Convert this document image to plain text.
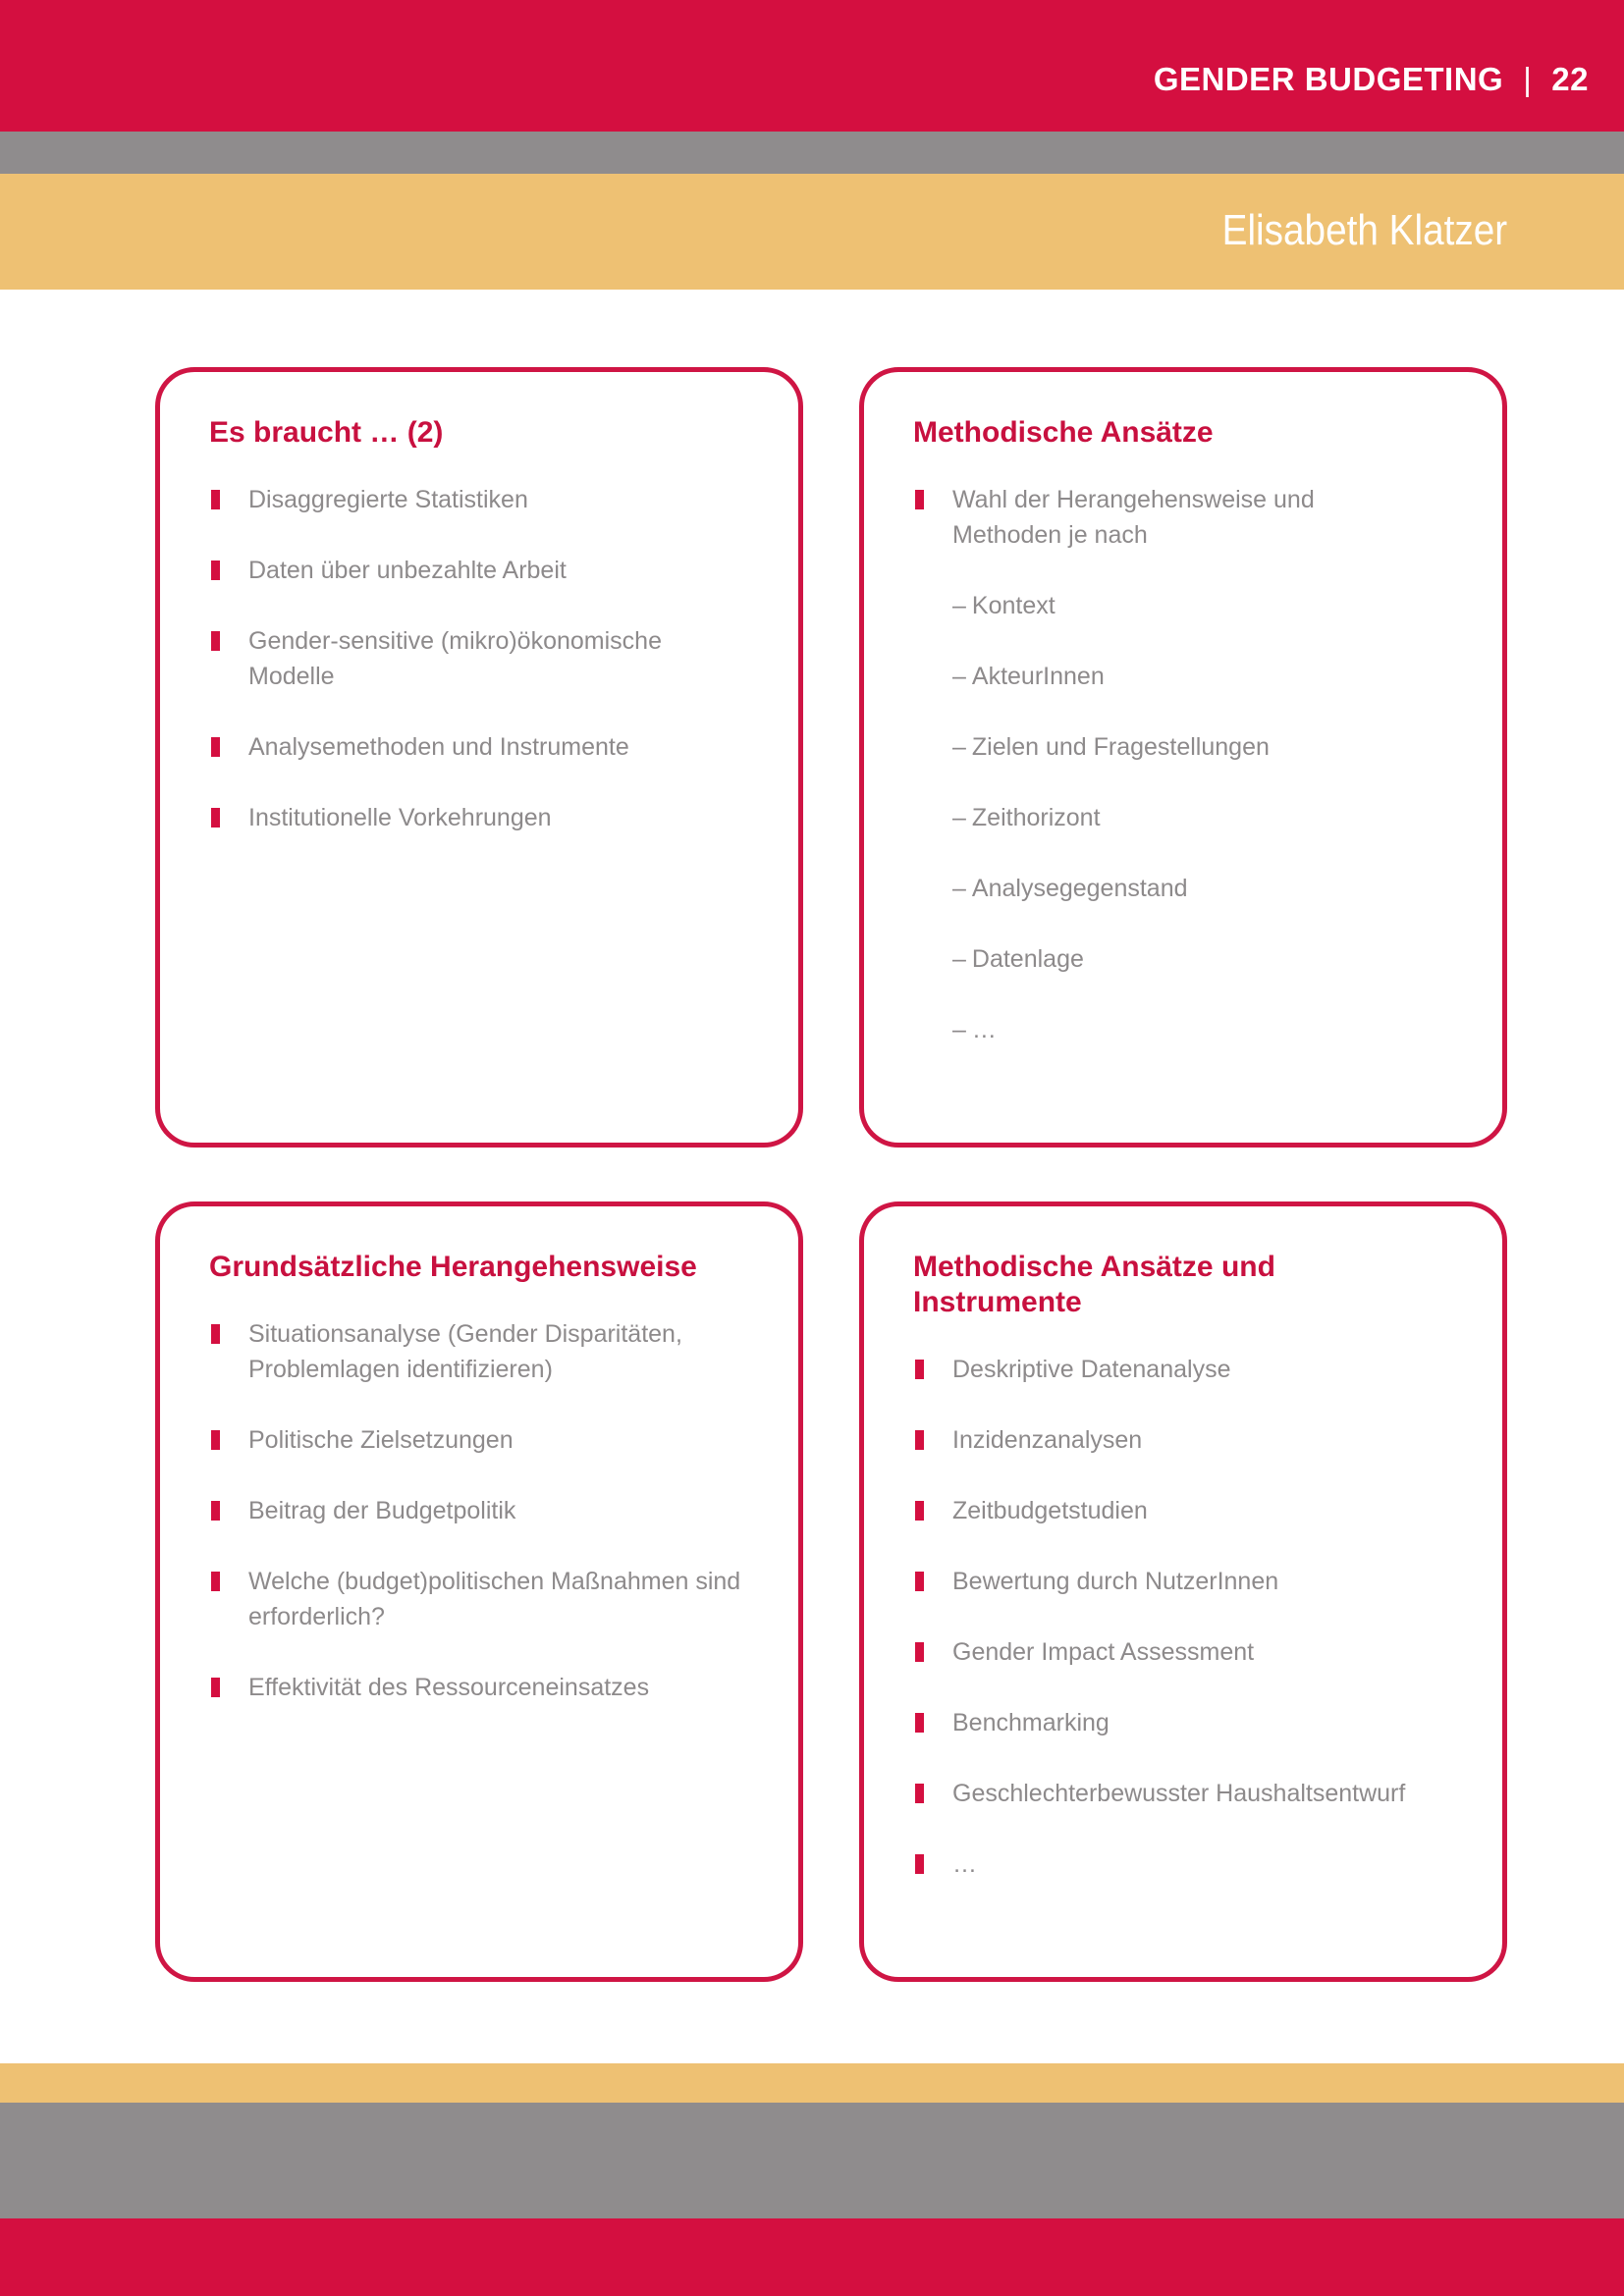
GENDER BUDGETING | 22
Elisabeth Klatzer
Es braucht … (2)
Disaggregierte Statistiken
Daten über unbezahlte Arbeit
Gender-sensitive (mikro)ökonomische Modelle
Analysemethoden und Instrumente
Institutionelle Vorkehrungen
Methodische Ansätze
Wahl der Herangehensweise und Methoden je nach
– Kontext
– AkteurInnen
– Zielen und Fragestellungen
– Zeithorizont
– Analysegegenstand
– Datenlage
– …
Grundsätzliche Herangehensweise
Situationsanalyse (Gender Disparitäten, Problemlagen identifizieren)
Politische Zielsetzungen
Beitrag der Budgetpolitik
Welche (budget)politischen Maßnahmen sind erforderlich?
Effektivität des Ressourceneinsatzes
Methodische Ansätze und Instrumente
Deskriptive Datenanalyse
Inzidenzanalysen
Zeitbudgetstudien
Bewertung durch NutzerInnen
Gender Impact Assessment
Benchmarking
Geschlechterbewusster Haushaltsentwurf
…
